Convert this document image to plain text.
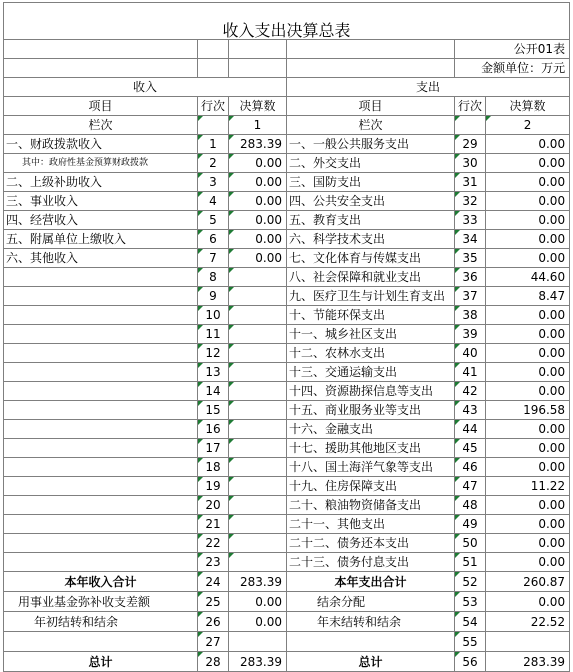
收入支出决算总表					
				公开01表	
				金额单位：万元	
收入			支出		
项目	行次	决算数	项目	行次	决算数
栏次		1	栏次		2
一、财政拨款收入	1	283.39	一、一般公共服务支出	29	0.00
其中：政府性基金预算财政拨款	2	0.00	二、外交支出	30	0.00
二、上级补助收入	3	0.00	三、国防支出	31	0.00
三、事业收入	4	0.00	四、公共安全支出	32	0.00
四、经营收入	5	0.00	五、教育支出	33	0.00
五、附属单位上缴收入	6	0.00	六、科学技术支出	34	0.00
六、其他收入	7	0.00	七、文化体育与传媒支出	35	0.00
	8		八、社会保障和就业支出	36	44.60
	9		九、医疗卫生与计划生育支出	37	8.47
	10		十、节能环保支出	38	0.00
	11		十一、城乡社区支出	39	0.00
	12		十二、农林水支出	40	0.00
	13		十三、交通运输支出	41	0.00
	14		十四、资源勘探信息等支出	42	0.00
	15		十五、商业服务业等支出	43	196.58
	16		十六、金融支出	44	0.00
	17		十七、援助其他地区支出	45	0.00
	18		十八、国土海洋气象等支出	46	0.00
	19		十九、住房保障支出	47	11.22
	20		二十、粮油物资储备支出	48	0.00
	21		二十一、其他支出	49	0.00
	22		二十二、债务还本支出	50	0.00
	23		二十三、债务付息支出	51	0.00
本年收入合计	24	283.39	本年支出合计	52	260.87
用事业基金弥补收支差额	25	0.00	结余分配	53	0.00
年初结转和结余	26	0.00	年末结转和结余	54	22.52
	27			55	
总计	28	283.39	总计	56	283.39
